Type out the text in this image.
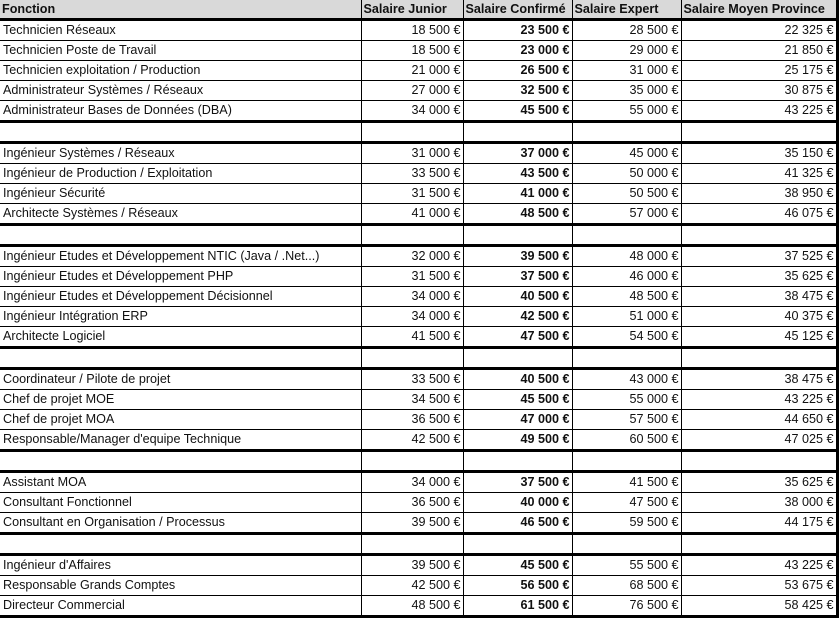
Fonction	Salaire Junior	Salaire Confirmé	Salaire Expert	Salaire Moyen Province
Technicien Réseaux	18 500 €	23 500 €	28 500 €	22 325 €
Technicien Poste de Travail	18 500 €	23 000 €	29 000 €	21 850 €
Technicien exploitation / Production	21 000 €	26 500 €	31 000 €	25 175 €
Administrateur Systèmes / Réseaux	27 000 €	32 500 €	35 000 €	30 875 €
Administrateur Bases de Données (DBA)	34 000 €	45 500 €	55 000 €	43 225 €

Ingénieur Systèmes / Réseaux	31 000 €	37 000 €	45 000 €	35 150 €
Ingénieur de Production / Exploitation	33 500 €	43 500 €	50 000 €	41 325 €
Ingénieur Sécurité	31 500 €	41 000 €	50 500 €	38 950 €
Architecte Systèmes / Réseaux	41 000 €	48 500 €	57 000 €	46 075 €

Ingénieur Etudes et Développement NTIC (Java / .Net...)	32 000 €	39 500 €	48 000 €	37 525 €
Ingénieur Etudes et Développement PHP	31 500 €	37 500 €	46 000 €	35 625 €
Ingénieur Etudes et Développement Décisionnel	34 000 €	40 500 €	48 500 €	38 475 €
Ingénieur Intégration ERP	34 000 €	42 500 €	51 000 €	40 375 €
Architecte Logiciel	41 500 €	47 500 €	54 500 €	45 125 €

Coordinateur / Pilote de projet	33 500 €	40 500 €	43 000 €	38 475 €
Chef de projet MOE	34 500 €	45 500 €	55 000 €	43 225 €
Chef de projet MOA	36 500 €	47 000 €	57 500 €	44 650 €
Responsable/Manager d'equipe Technique	42 500 €	49 500 €	60 500 €	47 025 €

Assistant MOA	34 000 €	37 500 €	41 500 €	35 625 €
Consultant Fonctionnel	36 500 €	40 000 €	47 500 €	38 000 €
Consultant en Organisation / Processus	39 500 €	46 500 €	59 500 €	44 175 €

Ingénieur d'Affaires	39 500 €	45 500 €	55 500 €	43 225 €
Responsable Grands Comptes	42 500 €	56 500 €	68 500 €	53 675 €
Directeur Commercial	48 500 €	61 500 €	76 500 €	58 425 €
